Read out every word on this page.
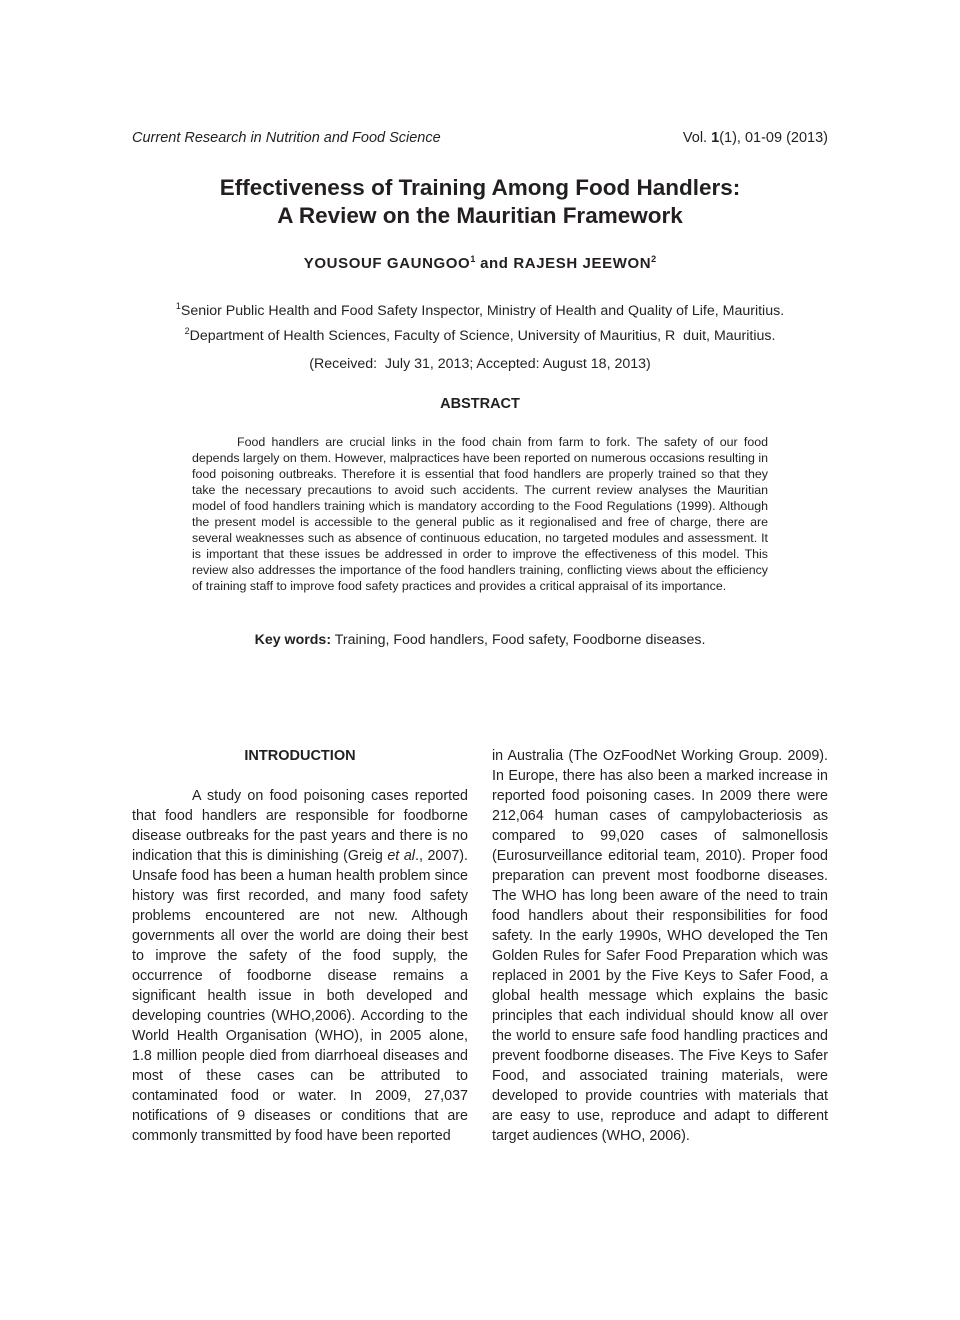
Current Research in Nutrition and Food Science	Vol. 1(1), 01-09 (2013)
Effectiveness of Training Among Food Handlers:
A Review on the Mauritian Framework
YOUSOUF GAUNGOO$^1$ and RAJESH JEEWON$^2$
$^1$Senior Public Health and Food Safety Inspector, Ministry of Health and Quality of Life, Mauritius.
$^2$Department of Health Sciences, Faculty of Science, University of Mauritius, R  duit, Mauritius.
(Received:  July 31, 2013; Accepted: August 18, 2013)
ABSTRACT

Food handlers are crucial links in the food chain from farm to fork. The safety of our food depends largely on them. However, malpractices have been reported on numerous occasions resulting in food poisoning outbreaks. Therefore it is essential that food handlers are properly trained so that they take the necessary precautions to avoid such accidents. The current review analyses the Mauritian model of food handlers training which is mandatory according to the Food Regulations (1999). Although the present model is accessible to the general public as it regionalised and free of charge, there are several weaknesses such as absence of continuous education, no targeted modules and assessment. It is important that these issues be addressed in order to improve the effectiveness of this model. This review also addresses the importance of the food handlers training, conflicting views about the efficiency of training staff to improve food safety practices and provides a critical appraisal of its importance.

Key words: Training, Food handlers, Food safety, Foodborne diseases.
INTRODUCTION

A study on food poisoning cases reported that food handlers are responsible for foodborne disease outbreaks for the past years and there is no indication that this is diminishing (Greig et al., 2007). Unsafe food has been a human health problem since history was first recorded, and many food safety problems encountered are not new. Although governments all over the world are doing their best to improve the safety of the food supply, the occurrence of foodborne disease remains a significant health issue in both developed and developing countries (WHO,2006). According to the World Health Organisation (WHO), in 2005 alone, 1.8 million people died from diarrhoeal diseases and most of these cases can be attributed to contaminated food or water. In 2009, 27,037 notifications of 9 diseases or conditions that are commonly transmitted by food have been reported

in Australia (The OzFoodNet Working Group. 2009). In Europe, there has also been a marked increase in reported food poisoning cases. In 2009 there were 212,064 human cases of campylobacteriosis as compared to 99,020 cases of salmonellosis (Eurosurveillance editorial team, 2010). Proper food preparation can prevent most foodborne diseases. The WHO has long been aware of the need to train food handlers about their responsibilities for food safety. In the early 1990s, WHO developed the Ten Golden Rules for Safer Food Preparation which was replaced in 2001 by the Five Keys to Safer Food, a global health message which explains the basic principles that each individual should know all over the world to ensure safe food handling practices and prevent foodborne diseases. The Five Keys to Safer Food, and associated training materials, were developed to provide countries with materials that are easy to use, reproduce and adapt to different target audiences (WHO, 2006).
